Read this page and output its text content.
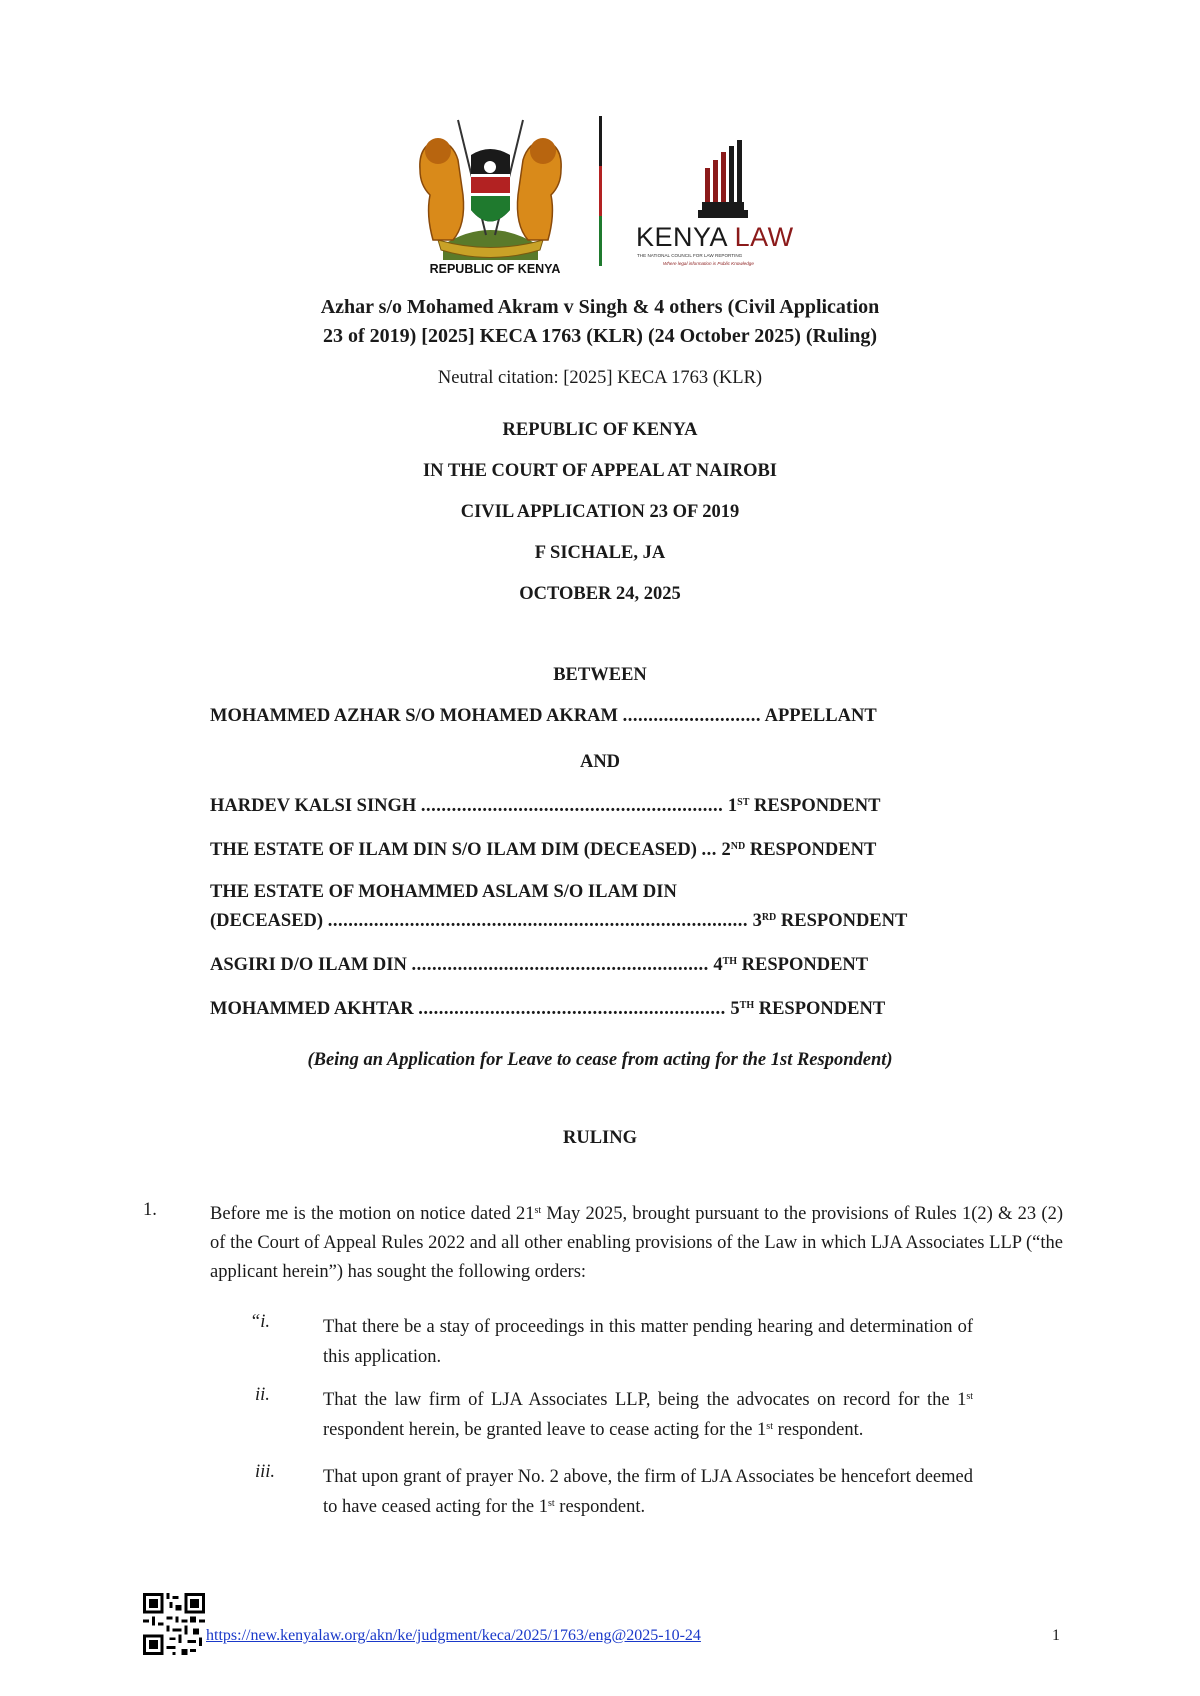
REPUBLIC OF KENYA
KENYA LAW
THE NATIONAL COUNCIL FOR LAW REPORTING
Where legal information is Public Knowledge
Azhar s/o Mohamed Akram v Singh & 4 others (Civil Application
23 of 2019) [2025] KECA 1763 (KLR) (24 October 2025) (Ruling)
Neutral citation: [2025] KECA 1763 (KLR)
REPUBLIC OF KENYA
IN THE COURT OF APPEAL AT NAIROBI
CIVIL APPLICATION 23 OF 2019
F SICHALE, JA
OCTOBER 24, 2025
BETWEEN
MOHAMMED AZHAR S/O MOHAMED AKRAM ........................... APPELLANT
AND
HARDEV KALSI SINGH ........................................................... 1ST RESPONDENT
THE ESTATE OF ILAM DIN S/O ILAM DIM (DECEASED) ... 2ND RESPONDENT
THE ESTATE OF MOHAMMED ASLAM S/O ILAM DIN
(DECEASED) .................................................................................. 3RD RESPONDENT
ASGIRI D/O ILAM DIN .......................................................... 4TH RESPONDENT
MOHAMMED AKHTAR ............................................................ 5TH RESPONDENT
(Being an Application for Leave to cease from acting for the 1st Respondent)
RULING
1.	Before me is the motion on notice dated 21st May 2025, brought pursuant to the provisions of Rules 1(2) & 23 (2) of the Court of Appeal Rules 2022 and all other enabling provisions of the Law in which LJA Associates LLP (“the applicant herein”) has sought the following orders:
“i.	That there be a stay of proceedings in this matter pending hearing and determination of this application.
ii.	That the law firm of LJA Associates LLP, being the advocates on record for the 1st respondent herein, be granted leave to cease acting for the 1st respondent.
iii.	That upon grant of prayer No. 2 above, the firm of LJA Associates be hencefort deemed to have ceased acting for the 1st respondent.
https://new.kenyalaw.org/akn/ke/judgment/keca/2025/1763/eng@2025-10-24	1
